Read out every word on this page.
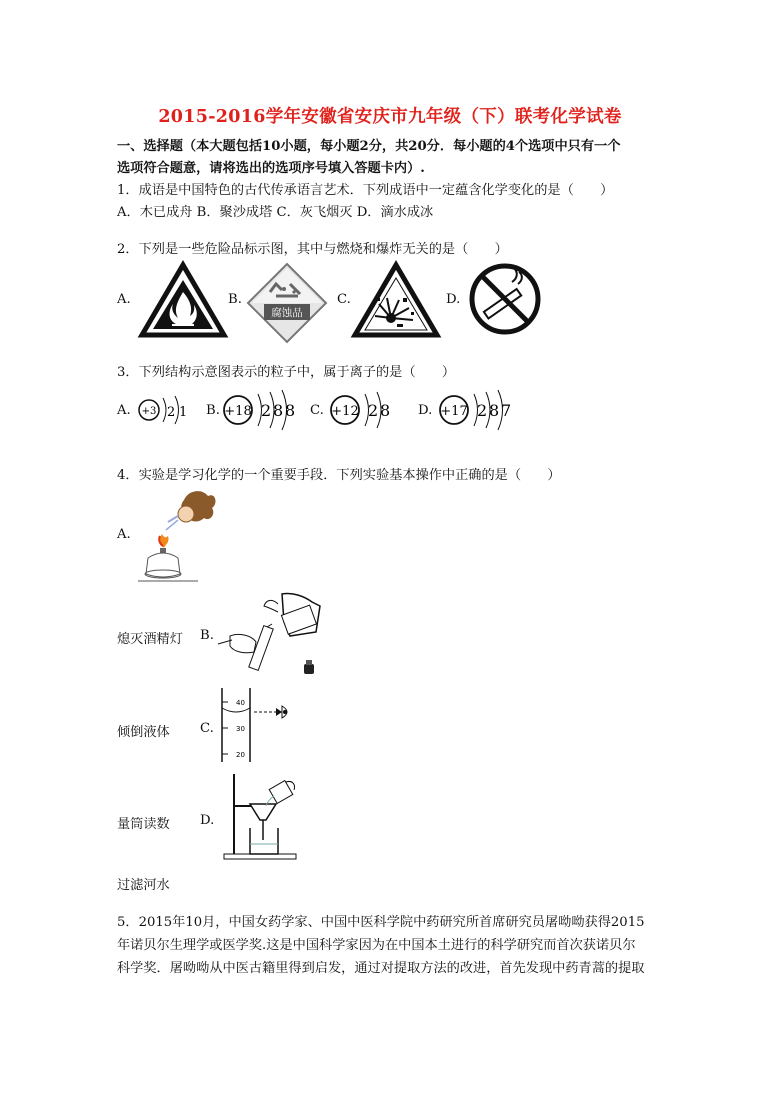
2015-2016学年安徽省安庆市九年级（下）联考化学试卷
一、选择题（本大题包括10小题，每小题2分，共20分．每小题的4个选项中只有一个
选项符合题意，请将选出的选项序号填入答题卡内）.
1．成语是中国特色的古代传承语言艺术．下列成语中一定蕴含化学变化的是（　　）
A．木已成舟 B．聚沙成塔 C．灰飞烟灭 D．滴水成冰
2．下列是一些危险品标示图，其中与燃烧和爆炸无关的是（　　）
A.	B.	C.	D.
腐蚀品
3．下列结构示意图表示的粒子中，属于离子的是（　　）
A.	B.	C.	D.
+3 2 1	+18 2 8 8	+12 2 8	+17 2 8 7
4．实验是学习化学的一个重要手段．下列实验基本操作中正确的是（　　）
A.
熄灭酒精灯 B.
倾倒液体 C.
40
30
20
量筒读数 D.
过滤河水
5．2015年10月，中国女药学家、中国中医科学院中药研究所首席研究员屠呦呦获得2015
年诺贝尔生理学或医学奖.这是中国科学家因为在中国本土进行的科学研究而首次获诺贝尔
科学奖．屠呦呦从中医古籍里得到启发，通过对提取方法的改进，首先发现中药青蒿的提取
